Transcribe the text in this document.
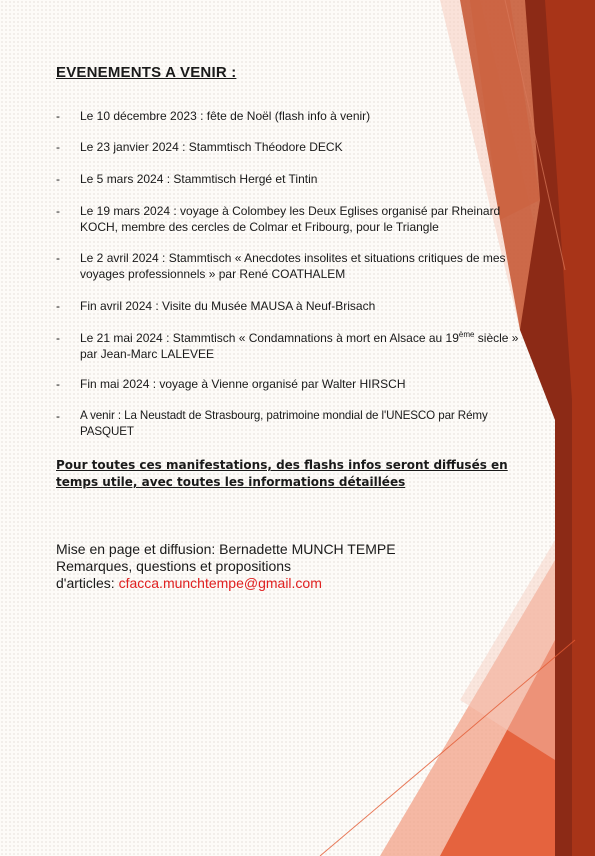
EVENEMENTS A VENIR :
- Le 10 décembre 2023 : fête de Noël (flash info à venir)
- Le 23 janvier 2024 : Stammtisch Théodore DECK
- Le 5 mars 2024 : Stammtisch Hergé et Tintin
- Le 19 mars 2024 : voyage à Colombey les Deux Eglises organisé par Rheinard KOCH, membre des cercles de Colmar et Fribourg, pour le Triangle
- Le 2 avril 2024 : Stammtisch « Anecdotes insolites et situations critiques de mes voyages professionnels » par René COATHALEM
- Fin avril 2024 : Visite du Musée MAUSA à Neuf-Brisach
- Le 21 mai 2024 : Stammtisch « Condamnations à mort en Alsace au 19ème siècle » par Jean-Marc LALEVEE
- Fin mai 2024 : voyage à Vienne organisé par Walter HIRSCH
- A venir : La Neustadt de Strasbourg, patrimoine mondial de l'UNESCO par Rémy PASQUET
Pour toutes ces manifestations, des flashs infos seront diffusés en temps utile, avec toutes les informations détaillées
Mise en page et diffusion: Bernadette MUNCH TEMPE
Remarques, questions et propositions
d'articles: cfacca.munchtempe@gmail.com
